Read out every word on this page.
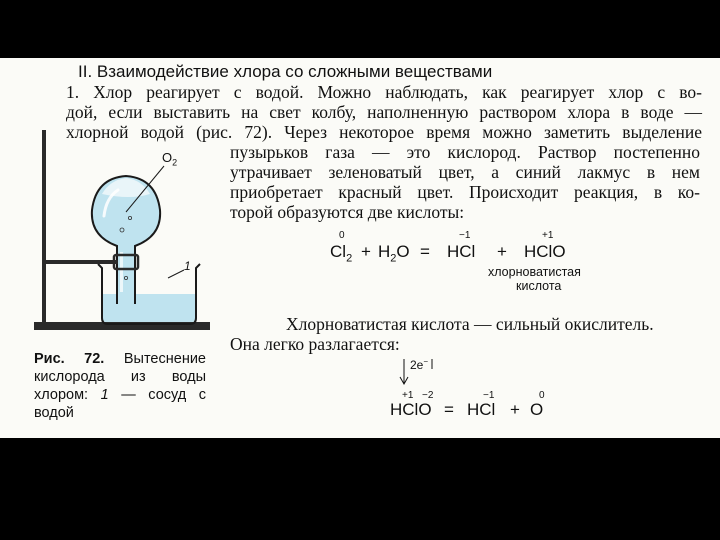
II. Взаимодействие хлора со сложными веществами
1. Хлор реагирует с водой. Можно наблюдать, как реагирует хлор с во-
дой, если выставить на свет колбу, наполненную раствором хлора в воде —
хлорной водой (рис. 72). Через некоторое время можно заметить выделение
пузырьков газа — это кислород. Раствор постепенно
утрачивает зеленоватый цвет, а синий лакмус в нем
приобретает красный цвет. Происходит реакция, в ко-
торой образуются две кислоты:
0	−1	+1
$Cl_2 + H_2O$ = HCl + HClO
хлорноватистая
кислота
Хлорноватистая кислота — сильный окислитель.
Она легко разлагается:
2e−
+1 −2	−1	0
HClO = HCl + O
$O_2$
1
Рис. 72. Вытеснение
кислорода из воды
хлором: 1 — сосуд с
водой
